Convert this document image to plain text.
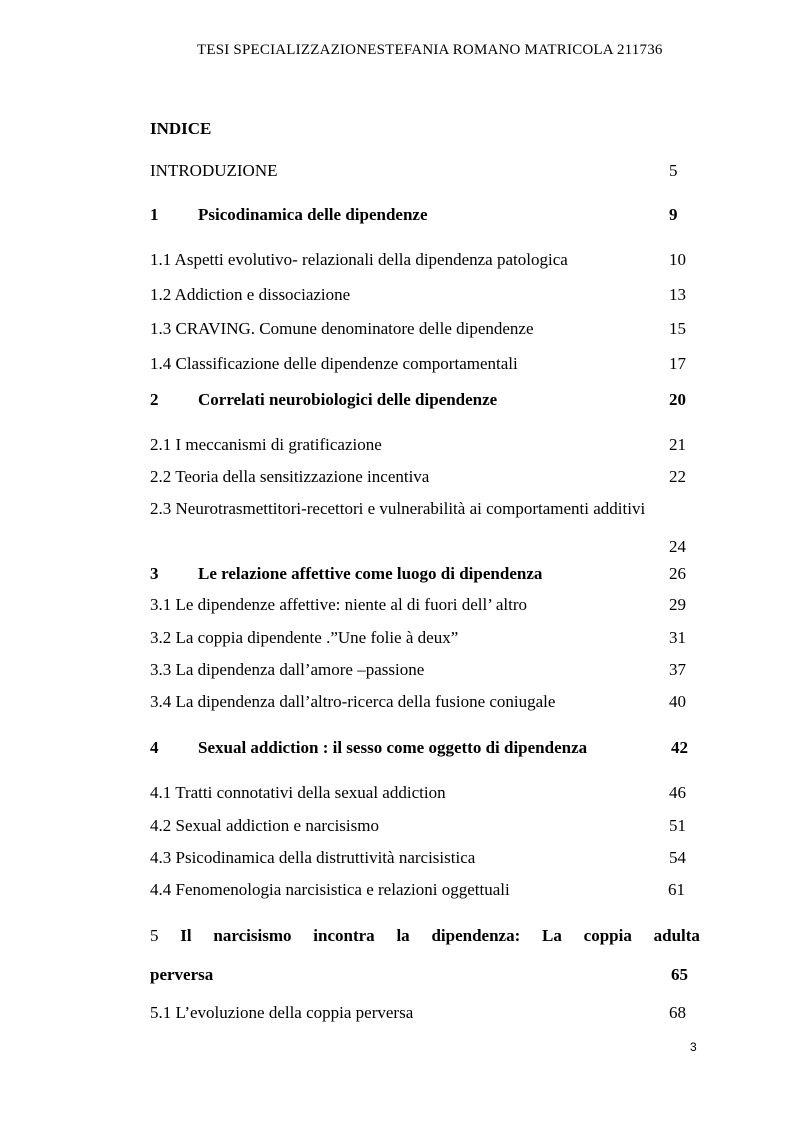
TESI SPECIALIZZAZIONESTEFANIA ROMANO MATRICOLA 211736
INDICE
INTRODUZIONE	5
1 Psicodinamica delle dipendenze	9
1.1 Aspetti evolutivo- relazionali della dipendenza patologica	10
1.2 Addiction e dissociazione	13
1.3 CRAVING. Comune denominatore delle dipendenze	15
1.4 Classificazione delle dipendenze comportamentali	17
2 Correlati neurobiologici delle dipendenze	20
2.1 I meccanismi di gratificazione	21
2.2 Teoria della sensitizzazione incentiva	22
2.3 Neurotrasmettitori-recettori e vulnerabilità ai comportamenti additivi
24
3 Le relazione affettive come luogo di dipendenza	26
3.1 Le dipendenze affettive: niente al di fuori dell’ altro	29
3.2 La coppia dipendente .”Une folie à deux”	31
3.3 La dipendenza dall’amore –passione	37
3.4 La dipendenza dall’altro-ricerca della fusione coniugale	40
4 Sexual addiction : il sesso come oggetto di dipendenza	42
4.1 Tratti connotativi della sexual addiction	46
4.2 Sexual addiction e narcisismo	51
4.3 Psicodinamica della distruttività narcisistica	54
4.4 Fenomenologia narcisistica e relazioni oggettuali	61
5 Il narcisismo incontra la dipendenza: La coppia adulta
perversa	65
5.1 L’evoluzione della coppia perversa	68
3
